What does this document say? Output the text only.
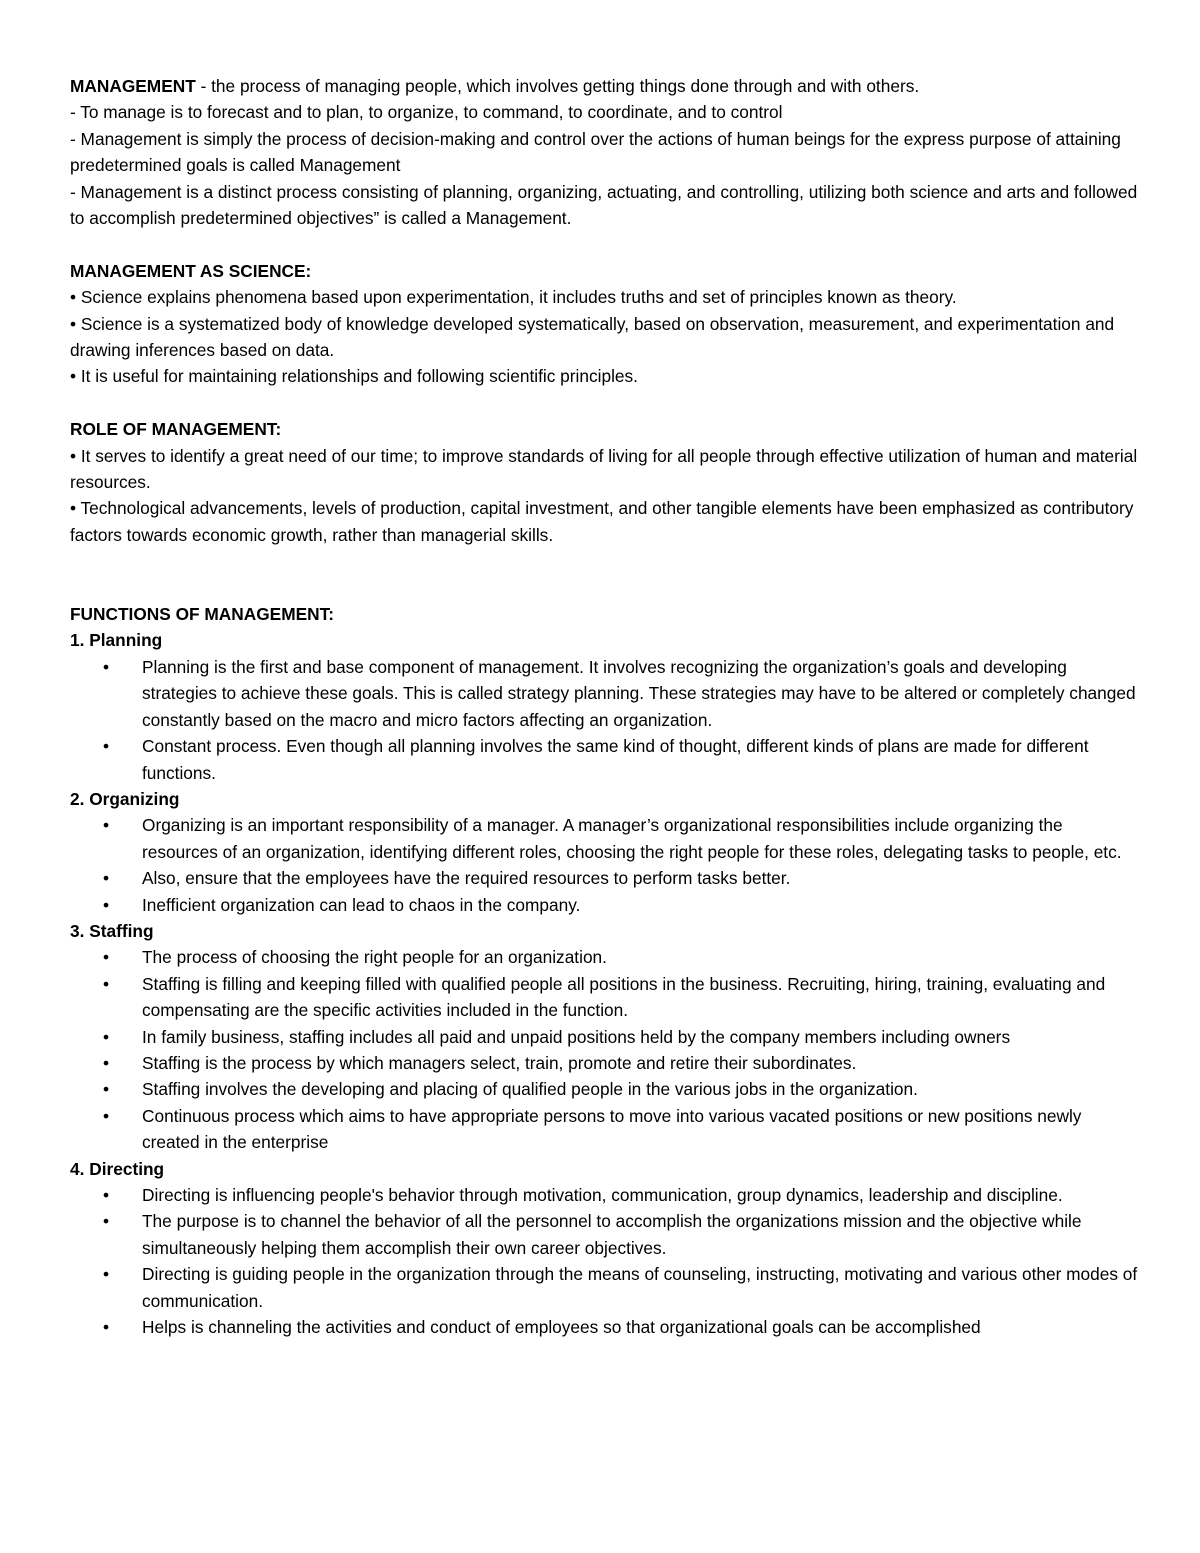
MANAGEMENT - the process of managing people, which involves getting things done through and with others.

- To manage is to forecast and to plan, to organize, to command, to coordinate, and to control

- Management is simply the process of decision-making and control over the actions of human beings for the express purpose of attaining predetermined goals is called Management

- Management is a distinct process consisting of planning, organizing, actuating, and controlling, utilizing both science and arts and followed to accomplish predetermined objectives” is called a Management.

MANAGEMENT AS SCIENCE:

• Science explains phenomena based upon experimentation, it includes truths and set of principles known as theory.

• Science is a systematized body of knowledge developed systematically, based on observation, measurement, and experimentation and drawing inferences based on data.

• It is useful for maintaining relationships and following scientific principles.

ROLE OF MANAGEMENT:

• It serves to identify a great need of our time; to improve standards of living for all people through effective utilization of human and material resources.

• Technological advancements, levels of production, capital investment, and other tangible elements have been emphasized as contributory factors towards economic growth, rather than managerial skills.

FUNCTIONS OF MANAGEMENT:

1. Planning

• Planning is the first and base component of management. It involves recognizing the organization’s goals and developing strategies to achieve these goals. This is called strategy planning. These strategies may have to be altered or completely changed constantly based on the macro and micro factors affecting an organization.
• Constant process. Even though all planning involves the same kind of thought, different kinds of plans are made for different functions.

2. Organizing

• Organizing is an important responsibility of a manager. A manager’s organizational responsibilities include organizing the resources of an organization, identifying different roles, choosing the right people for these roles, delegating tasks to people, etc.
• Also, ensure that the employees have the required resources to perform tasks better.
• Inefficient organization can lead to chaos in the company.

3. Staffing

• The process of choosing the right people for an organization.
• Staffing is filling and keeping filled with qualified people all positions in the business. Recruiting, hiring, training, evaluating and compensating are the specific activities included in the function.
• In family business, staffing includes all paid and unpaid positions held by the company members including owners
• Staffing is the process by which managers select, train, promote and retire their subordinates.
• Staffing involves the developing and placing of qualified people in the various jobs in the organization.
• Continuous process which aims to have appropriate persons to move into various vacated positions or new positions newly created in the enterprise

4. Directing

• Directing is influencing people's behavior through motivation, communication, group dynamics, leadership and discipline.
• The purpose is to channel the behavior of all the personnel to accomplish the organizations mission and the objective while simultaneously helping them accomplish their own career objectives.
• Directing is guiding people in the organization through the means of counseling, instructing, motivating and various other modes of communication.
• Helps is channeling the activities and conduct of employees so that organizational goals can be accomplished
